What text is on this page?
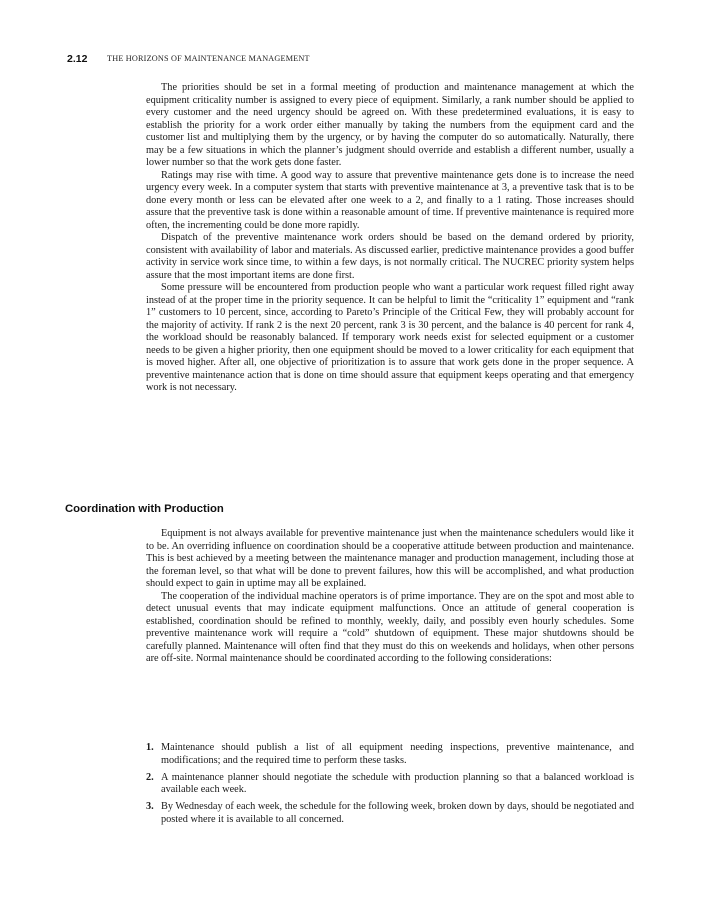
2.12 THE HORIZONS OF MAINTENANCE MANAGEMENT

The priorities should be set in a formal meeting of production and maintenance management at which the equipment criticality number is assigned to every piece of equipment. Similarly, a rank number should be applied to every customer and the need urgency should be agreed on. With these predetermined evaluations, it is easy to establish the priority for a work order either manually by taking the numbers from the equipment card and the customer list and multiplying them by the urgency, or by having the computer do so automatically. Naturally, there may be a few situations in which the planner’s judgment should override and establish a different number, usually a lower number so that the work gets done faster.

Ratings may rise with time. A good way to assure that preventive maintenance gets done is to increase the need urgency every week. In a computer system that starts with preventive maintenance at 3, a preventive task that is to be done every month or less can be elevated after one week to a 2, and finally to a 1 rating. Those increases should assure that the preventive task is done within a reasonable amount of time. If preventive maintenance is required more often, the incrementing could be done more rapidly.

Dispatch of the preventive maintenance work orders should be based on the demand ordered by priority, consistent with availability of labor and materials. As discussed earlier, predictive maintenance provides a good buffer activity in service work since time, to within a few days, is not normally critical. The NUCREC priority system helps assure that the most important items are done first.

Some pressure will be encountered from production people who want a particular work request filled right away instead of at the proper time in the priority sequence. It can be helpful to limit the “criticality 1” equipment and “rank 1” customers to 10 percent, since, according to Pareto’s Principle of the Critical Few, they will probably account for the majority of activity. If rank 2 is the next 20 percent, rank 3 is 30 percent, and the balance is 40 percent for rank 4, the workload should be reasonably balanced. If temporary work needs exist for selected equipment or a customer needs to be given a higher priority, then one equipment should be moved to a lower criticality for each equipment that is moved higher. After all, one objective of prioritization is to assure that work gets done in the proper sequence. A preventive maintenance action that is done on time should assure that equipment keeps operating and that emergency work is not necessary.

Coordination with Production

Equipment is not always available for preventive maintenance just when the maintenance schedulers would like it to be. An overriding influence on coordination should be a cooperative attitude between production and maintenance. This is best achieved by a meeting between the maintenance manager and production management, including those at the foreman level, so that what will be done to prevent failures, how this will be accomplished, and what production should expect to gain in uptime may all be explained.

The cooperation of the individual machine operators is of prime importance. They are on the spot and most able to detect unusual events that may indicate equipment malfunctions. Once an attitude of general cooperation is established, coordination should be refined to monthly, weekly, daily, and possibly even hourly schedules. Some preventive maintenance work will require a “cold” shutdown of equipment. These major shutdowns should be carefully planned. Maintenance will often find that they must do this on weekends and holidays, when other persons are off-site. Normal maintenance should be coordinated according to the following considerations:

1. Maintenance should publish a list of all equipment needing inspections, preventive maintenance, and modifications; and the required time to perform these tasks.
2. A maintenance planner should negotiate the schedule with production planning so that a balanced workload is available each week.
3. By Wednesday of each week, the schedule for the following week, broken down by days, should be negotiated and posted where it is available to all concerned.
